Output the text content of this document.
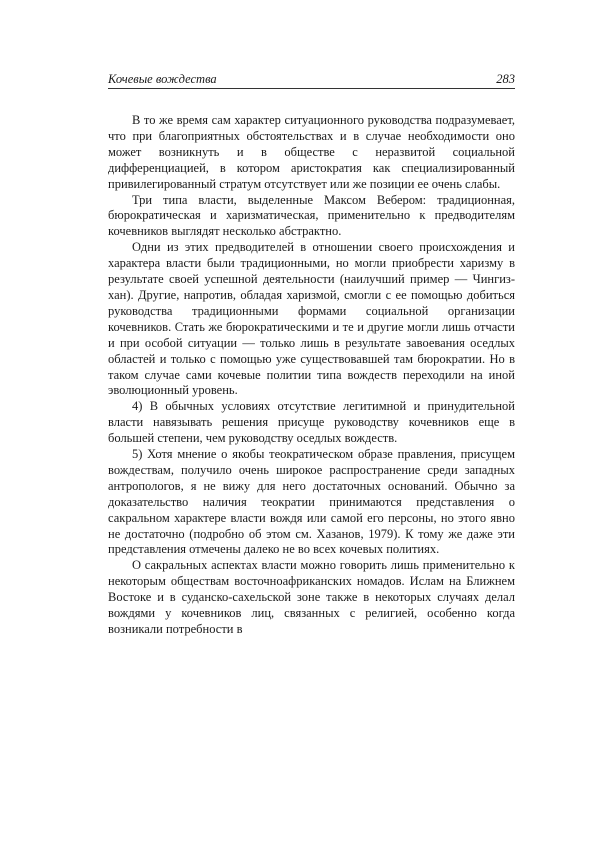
Кочевые вождества	283

В то же время сам характер ситуационного руководства подразумевает, что при благоприятных обстоятельствах и в случае необходимости оно может возникнуть и в обществе с неразвитой социальной дифференциацией, в котором аристократия как специализированный привилегированный стратум отсутствует или же позиции ее очень слабы.

Три типа власти, выделенные Максом Вебером: традиционная, бюрократическая и харизматическая, применительно к предводителям кочевников выглядят несколько абстрактно.

Одни из этих предводителей в отношении своего происхождения и характера власти были традиционными, но могли приобрести харизму в результате своей успешной деятельности (наилучший пример — Чингиз-хан). Другие, напротив, обладая харизмой, смогли с ее помощью добиться руководства традиционными формами социальной организации кочевников. Стать же бюрократическими и те и другие могли лишь отчасти и при особой ситуации — только лишь в результате завоевания оседлых областей и только с помощью уже существовавшей там бюрократии. Но в таком случае сами кочевые политии типа вождеств переходили на иной эволюционный уровень.

4) В обычных условиях отсутствие легитимной и принудительной власти навязывать решения присуще руководству кочевников еще в большей степени, чем руководству оседлых вождеств.

5) Хотя мнение о якобы теократическом образе правления, присущем вождествам, получило очень широкое распространение среди западных антропологов, я не вижу для него достаточных оснований. Обычно за доказательство наличия теократии принимаются представления о сакральном характере власти вождя или самой его персоны, но этого явно не достаточно (подробно об этом см. Хазанов, 1979). К тому же даже эти представления отмечены далеко не во всех кочевых политиях.

О сакральных аспектах власти можно говорить лишь применительно к некоторым обществам восточноафриканских номадов. Ислам на Ближнем Востоке и в суданско-сахельской зоне также в некоторых случаях делал вождями у кочевников лиц, связанных с религией, особенно когда возникали потребности в
